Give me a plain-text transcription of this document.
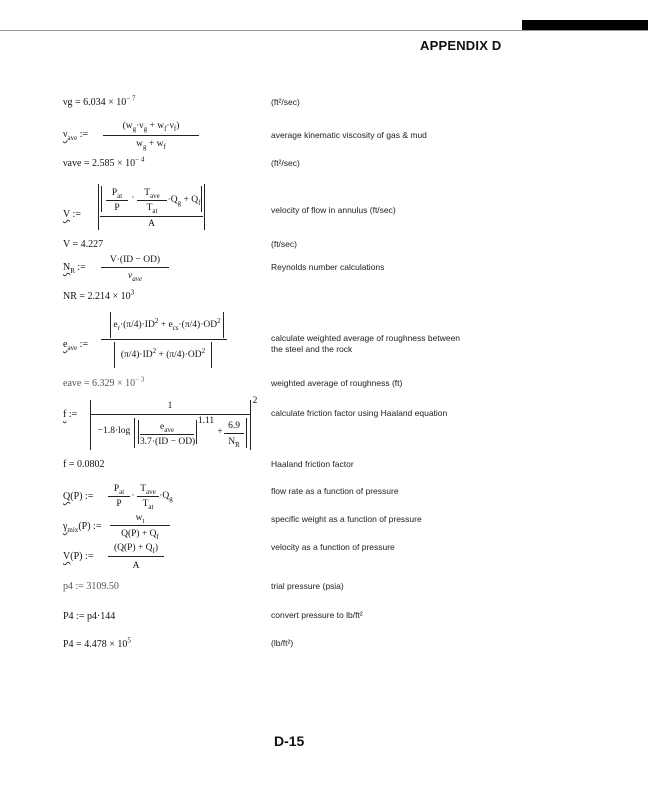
APPENDIX D
$\nu g = 6.034 \times 10^{- 7}$	(ft²/sec)
$\nu_{ave}$ :=
$(w_g\cdot\nu_g + w_f\cdot\nu_f)$
$w_g + w_f$
average kinematic viscosity of gas & mud
$\nu ave = 2.585 \times 10^{- 4}$	(ft²/sec)
V :=
$P_{at}$
P
·	$T_{ave}$
$T_{at}$
$\cdot Q_g + Q_f$
A
velocity of flow in annulus (ft/sec)
V = 4.227	(ft/sec)
$N_R$ :=
V·(ID − OD)
$\nu_{ave}$
Reynolds number calculations
NR = $2.214 \times 10^3$
$e_{ave}$ :=
$e_r\cdot(\pi/4)\cdot ID^2 + e_{cs}\cdot(\pi/4)\cdot OD^2$
$(\pi/4)\cdot ID^2 + (\pi/4)\cdot OD^2$
calculate weighted average of roughness between
the steel and the rock
eave = $6.329 \times 10^{- 3}$	weighted average of roughness (ft)
f :=
1
−1.8·log	$e_{ave}$
3.7·(ID − OD)
1.11
+
6.9
$N_R$
2
calculate friction factor using Haaland equation
f = 0.0802	Haaland friction factor
Q(P) :=
$P_{at}$
P
·
$T_{ave}$
$T_{at}$
$\cdot Q_g$
flow rate as a function of pressure
$\gamma_{mix}(P)$ :=
$w_t$
$Q(P) + Q_f$
specific weight as a function of pressure
V(P) :=
$(Q(P) + Q_f)$
A
velocity as a function of pressure
p4 := 3109.50	trial pressure (psia)
P4 := p4·144	convert pressure to lb/ft²
$P4 = 4.478 \times 10^5$	(lb/ft²)
D-15
